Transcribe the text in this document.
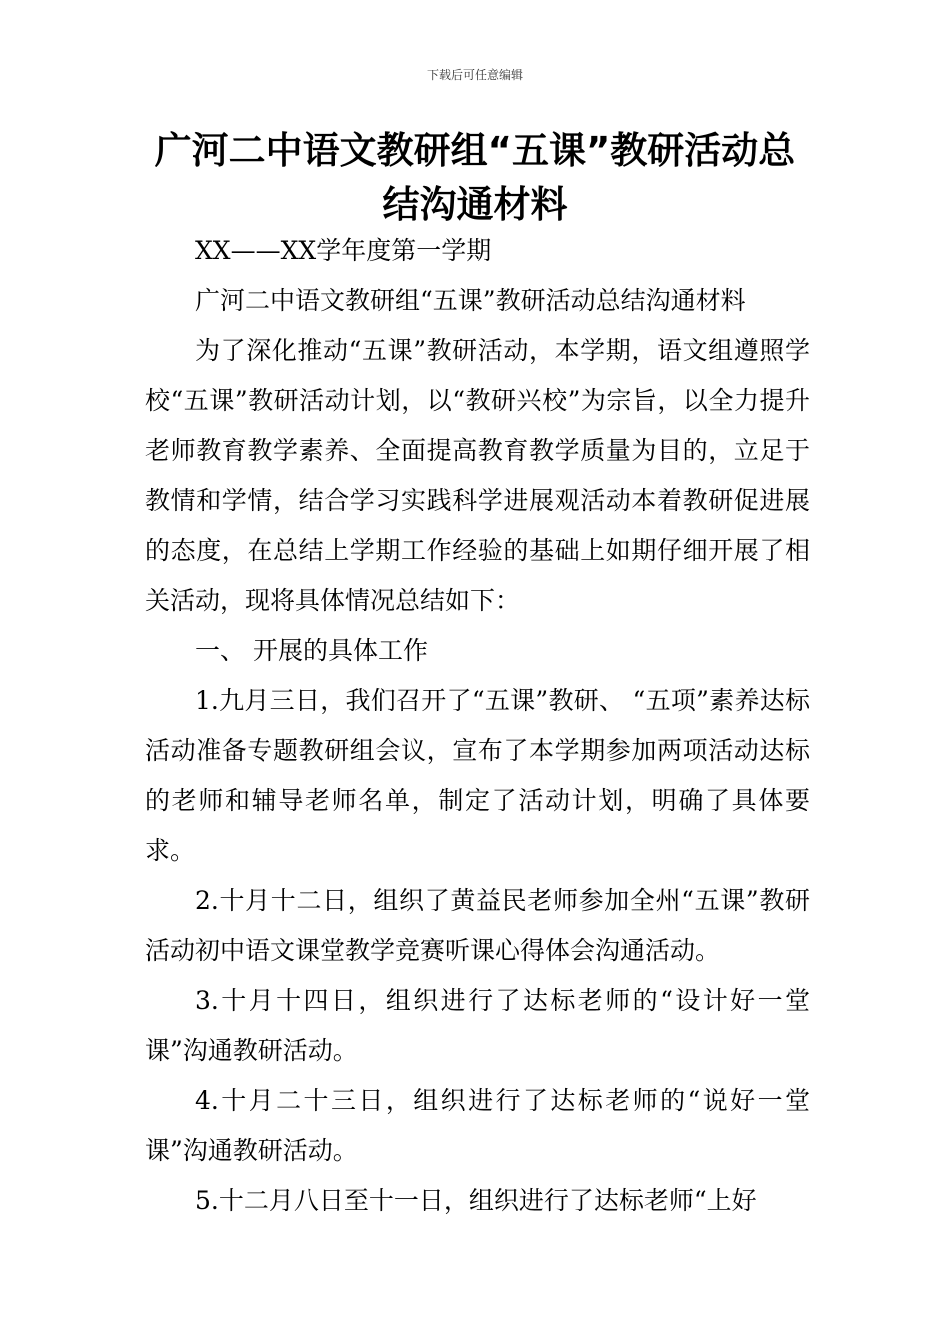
下载后可任意编辑
广河二中语文教研组“五课”教研活动总结沟通材料

XX——XX学年度第一学期

广河二中语文教研组“五课”教研活动总结沟通材料

为了深化推动“五课”教研活动，本学期，语文组遵照学校“五课”教研活动计划，以“教研兴校”为宗旨，以全力提升老师教育教学素养、全面提高教育教学质量为目的，立足于教情和学情，结合学习实践科学进展观活动本着教研促进展的态度，在总结上学期工作经验的基础上如期仔细开展了相关活动，现将具体情况总结如下：

一、 开展的具体工作

1.九月三日，我们召开了“五课”教研、 “五项”素养达标活动准备专题教研组会议，宣布了本学期参加两项活动达标的老师和辅导老师名单，制定了活动计划，明确了具体要求。

2.十月十二日，组织了黄益民老师参加全州“五课”教研活动初中语文课堂教学竞赛听课心得体会沟通活动。

3.十月十四日，组织进行了达标老师的“设计好一堂课”沟通教研活动。

4.十月二十三日，组织进行了达标老师的“说好一堂课”沟通教研活动。

5.十二月八日至十一日，组织进行了达标老师“上好
